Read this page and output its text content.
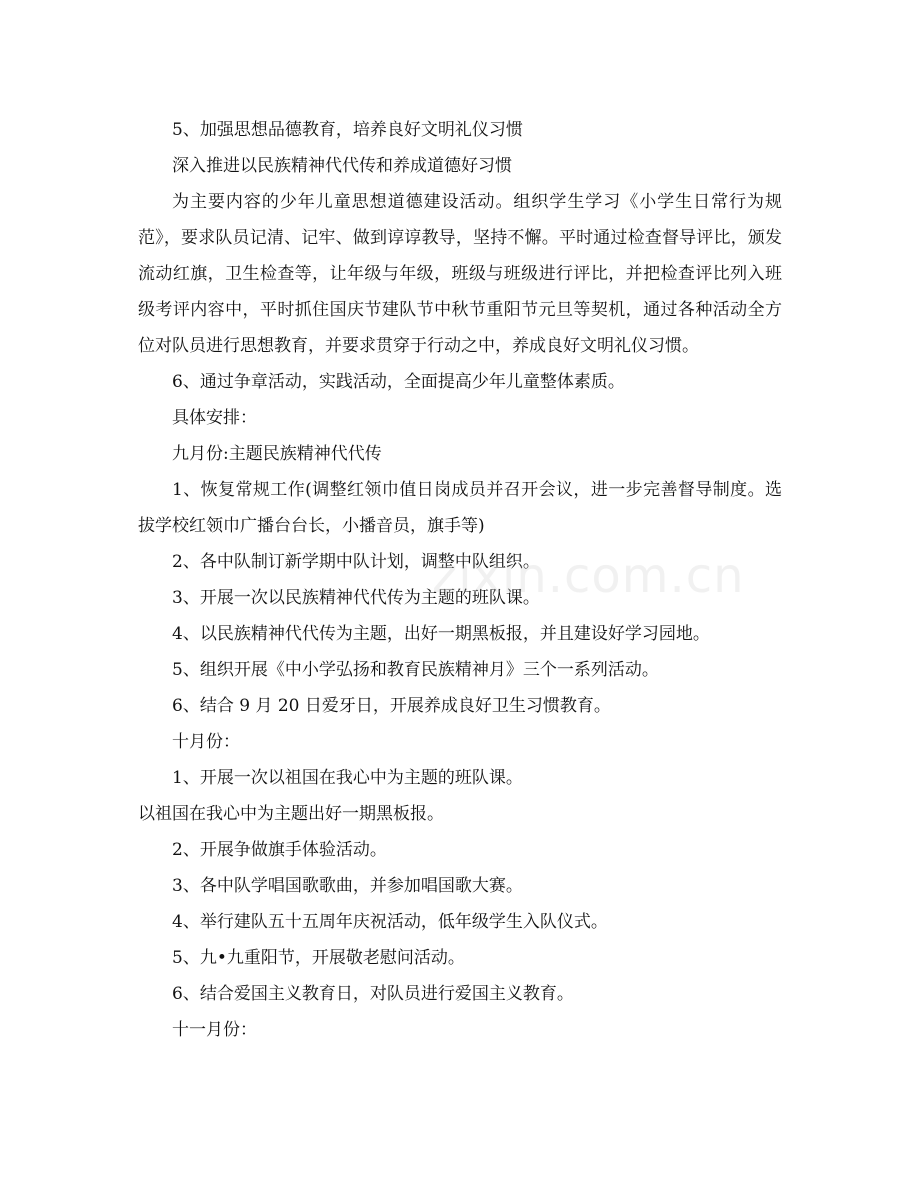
5、加强思想品德教育，培养良好文明礼仪习惯

深入推进以民族精神代代传和养成道德好习惯

为主要内容的少年儿童思想道德建设活动。组织学生学习《小学生日常行为规范》，要求队员记清、记牢、做到谆谆教导，坚持不懈。平时通过检查督导评比，颁发流动红旗，卫生检查等，让年级与年级，班级与班级进行评比，并把检查评比列入班级考评内容中，平时抓住国庆节建队节中秋节重阳节元旦等契机，通过各种活动全方位对队员进行思想教育，并要求贯穿于行动之中，养成良好文明礼仪习惯。

6、通过争章活动，实践活动，全面提高少年儿童整体素质。

具体安排：

九月份:主题民族精神代代传

1、恢复常规工作(调整红领巾值日岗成员并召开会议，进一步完善督导制度。选拔学校红领巾广播台台长，小播音员，旗手等)

2、各中队制订新学期中队计划，调整中队组织。

3、开展一次以民族精神代代传为主题的班队课。

4、以民族精神代代传为主题，出好一期黑板报，并且建设好学习园地。

5、组织开展《中小学弘扬和教育民族精神月》三个一系列活动。

6、结合 9 月 20 日爱牙日，开展养成良好卫生习惯教育。

十月份：

1、开展一次以祖国在我心中为主题的班队课。

以祖国在我心中为主题出好一期黑板报。

2、开展争做旗手体验活动。

3、各中队学唱国歌歌曲，并参加唱国歌大赛。

4、举行建队五十五周年庆祝活动，低年级学生入队仪式。

5、九•九重阳节，开展敬老慰问活动。

6、结合爱国主义教育日，对队员进行爱国主义教育。

十一月份：

zixin.com.cn
